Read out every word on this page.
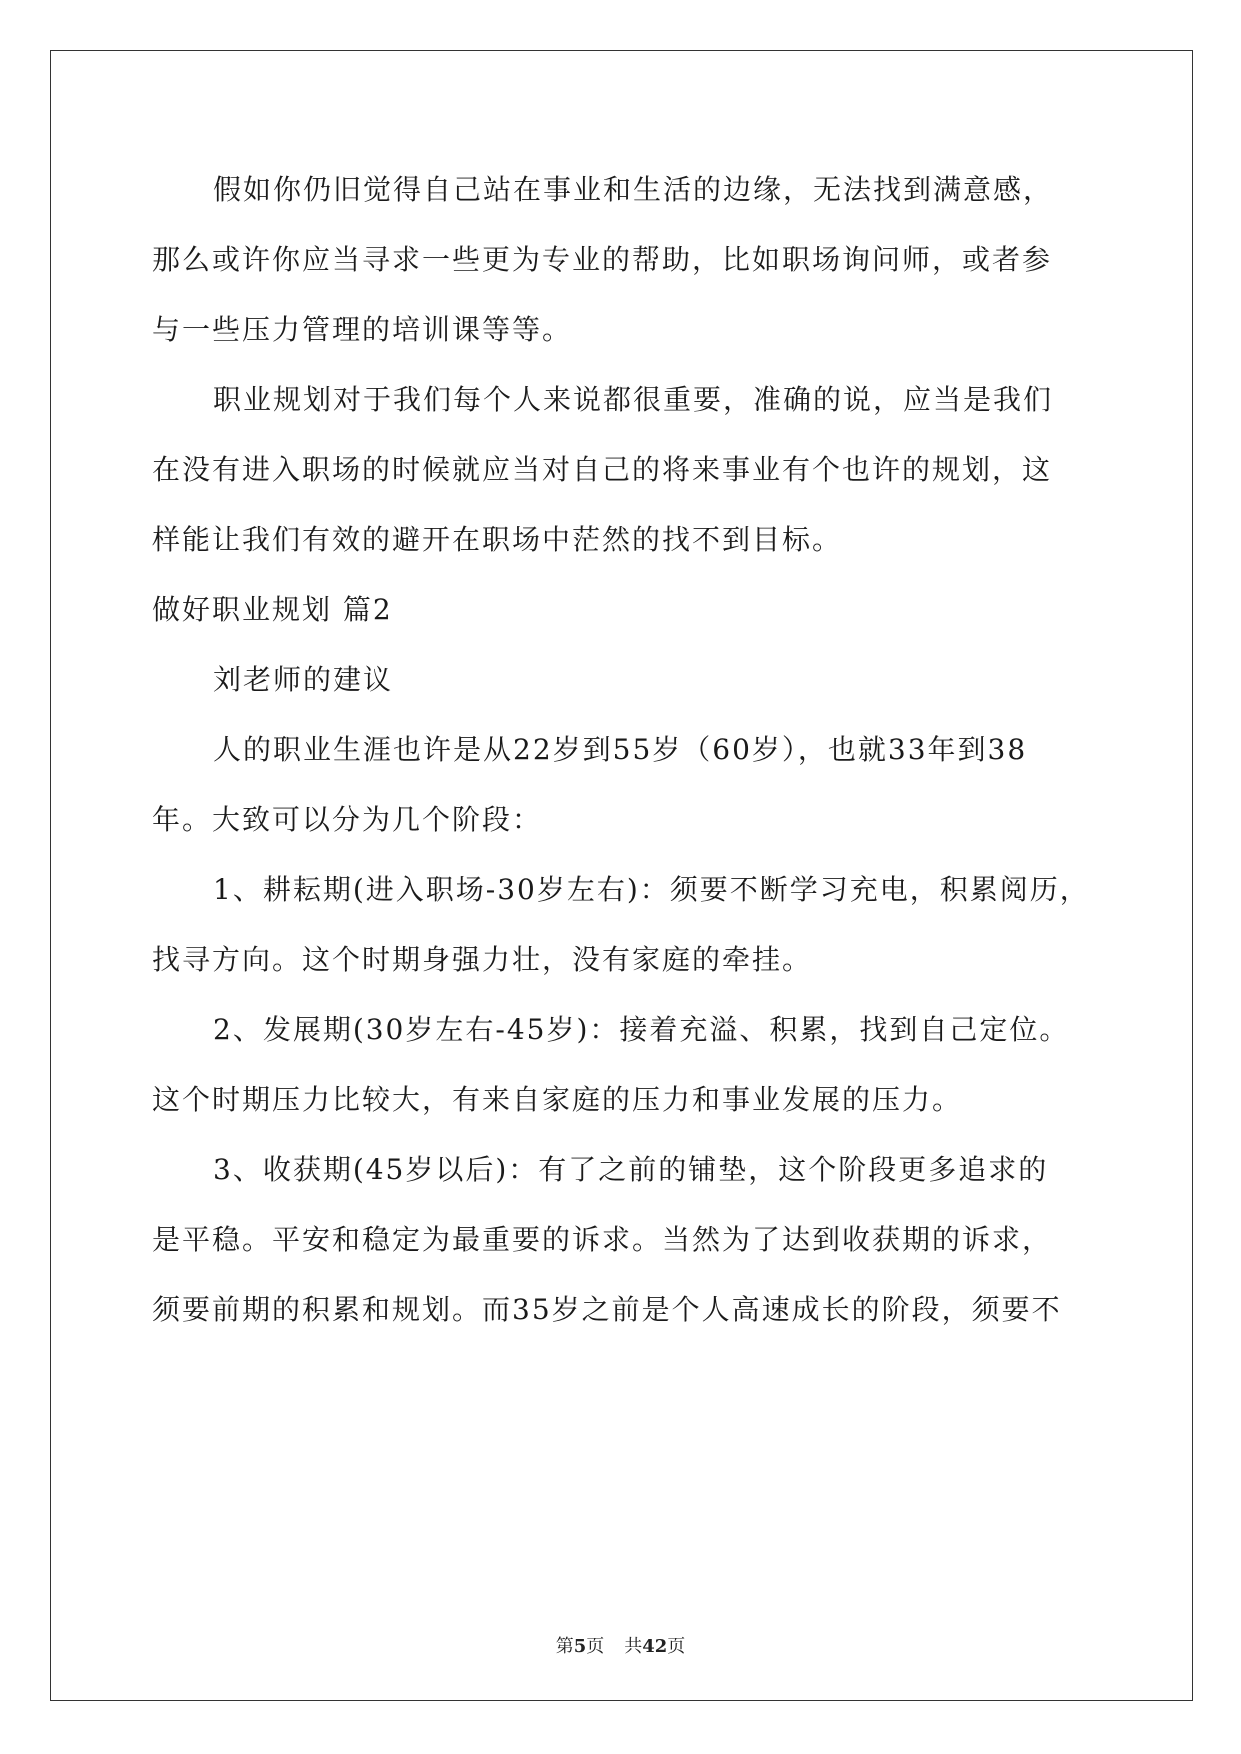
假如你仍旧觉得自己站在事业和生活的边缘，无法找到满意感，
那么或许你应当寻求一些更为专业的帮助，比如职场询问师，或者参
与一些压力管理的培训课等等。
职业规划对于我们每个人来说都很重要，准确的说，应当是我们
在没有进入职场的时候就应当对自己的将来事业有个也许的规划，这
样能让我们有效的避开在职场中茫然的找不到目标。
做好职业规划 篇2
刘老师的建议
人的职业生涯也许是从22岁到55岁（60岁），也就33年到38
年。大致可以分为几个阶段：
1、耕耘期(进入职场-30岁左右)：须要不断学习充电，积累阅历，
找寻方向。这个时期身强力壮，没有家庭的牵挂。
2、发展期(30岁左右-45岁)：接着充溢、积累，找到自己定位。
这个时期压力比较大，有来自家庭的压力和事业发展的压力。
3、收获期(45岁以后)：有了之前的铺垫，这个阶段更多追求的
是平稳。平安和稳定为最重要的诉求。当然为了达到收获期的诉求，
须要前期的积累和规划。而35岁之前是个人高速成长的阶段，须要不
第5页 共42页
